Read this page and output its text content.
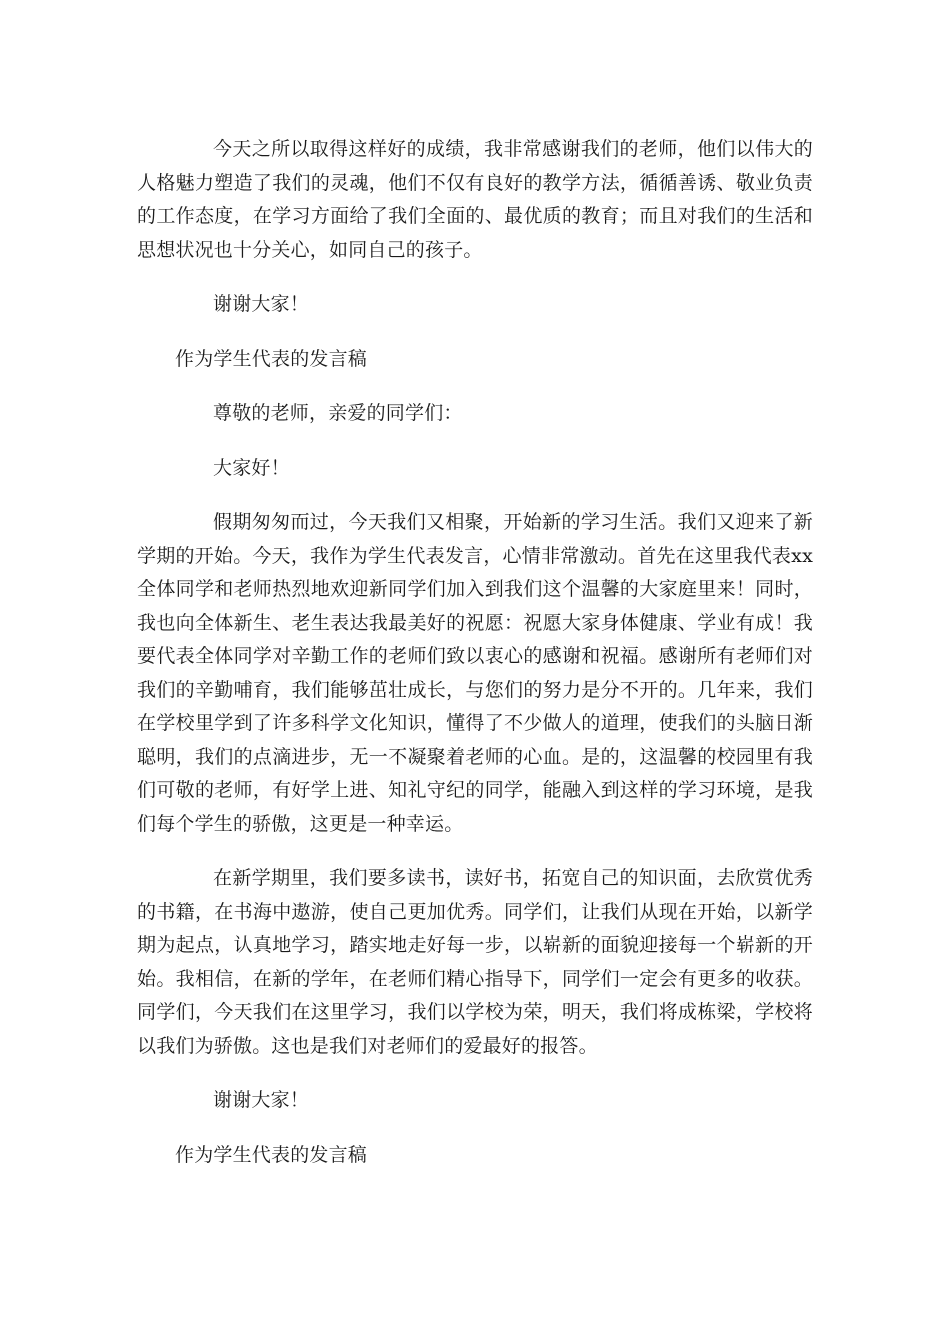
今天之所以取得这样好的成绩，我非常感谢我们的老师，他们以伟大的人格魅力塑造了我们的灵魂，他们不仅有良好的教学方法，循循善诱、敬业负责的工作态度，在学习方面给了我们全面的、最优质的教育；而且对我们的生活和思想状况也十分关心，如同自己的孩子。

谢谢大家！

作为学生代表的发言稿

尊敬的老师，亲爱的同学们：

大家好！

假期匆匆而过，今天我们又相聚，开始新的学习生活。我们又迎来了新学期的开始。今天，我作为学生代表发言，心情非常激动。首先在这里我代表xx全体同学和老师热烈地欢迎新同学们加入到我们这个温馨的大家庭里来！同时，我也向全体新生、老生表达我最美好的祝愿：祝愿大家身体健康、学业有成！我要代表全体同学对辛勤工作的老师们致以衷心的感谢和祝福。感谢所有老师们对我们的辛勤哺育，我们能够茁壮成长，与您们的努力是分不开的。几年来，我们在学校里学到了许多科学文化知识，懂得了不少做人的道理，使我们的头脑日渐聪明，我们的点滴进步，无一不凝聚着老师的心血。是的，这温馨的校园里有我们可敬的老师，有好学上进、知礼守纪的同学，能融入到这样的学习环境，是我们每个学生的骄傲，这更是一种幸运。

在新学期里，我们要多读书，读好书，拓宽自己的知识面，去欣赏优秀的书籍，在书海中遨游，使自己更加优秀。同学们，让我们从现在开始，以新学期为起点，认真地学习，踏实地走好每一步，以崭新的面貌迎接每一个崭新的开始。我相信，在新的学年，在老师们精心指导下，同学们一定会有更多的收获。同学们，今天我们在这里学习，我们以学校为荣，明天，我们将成栋梁，学校将以我们为骄傲。这也是我们对老师们的爱最好的报答。

谢谢大家！

作为学生代表的发言稿
